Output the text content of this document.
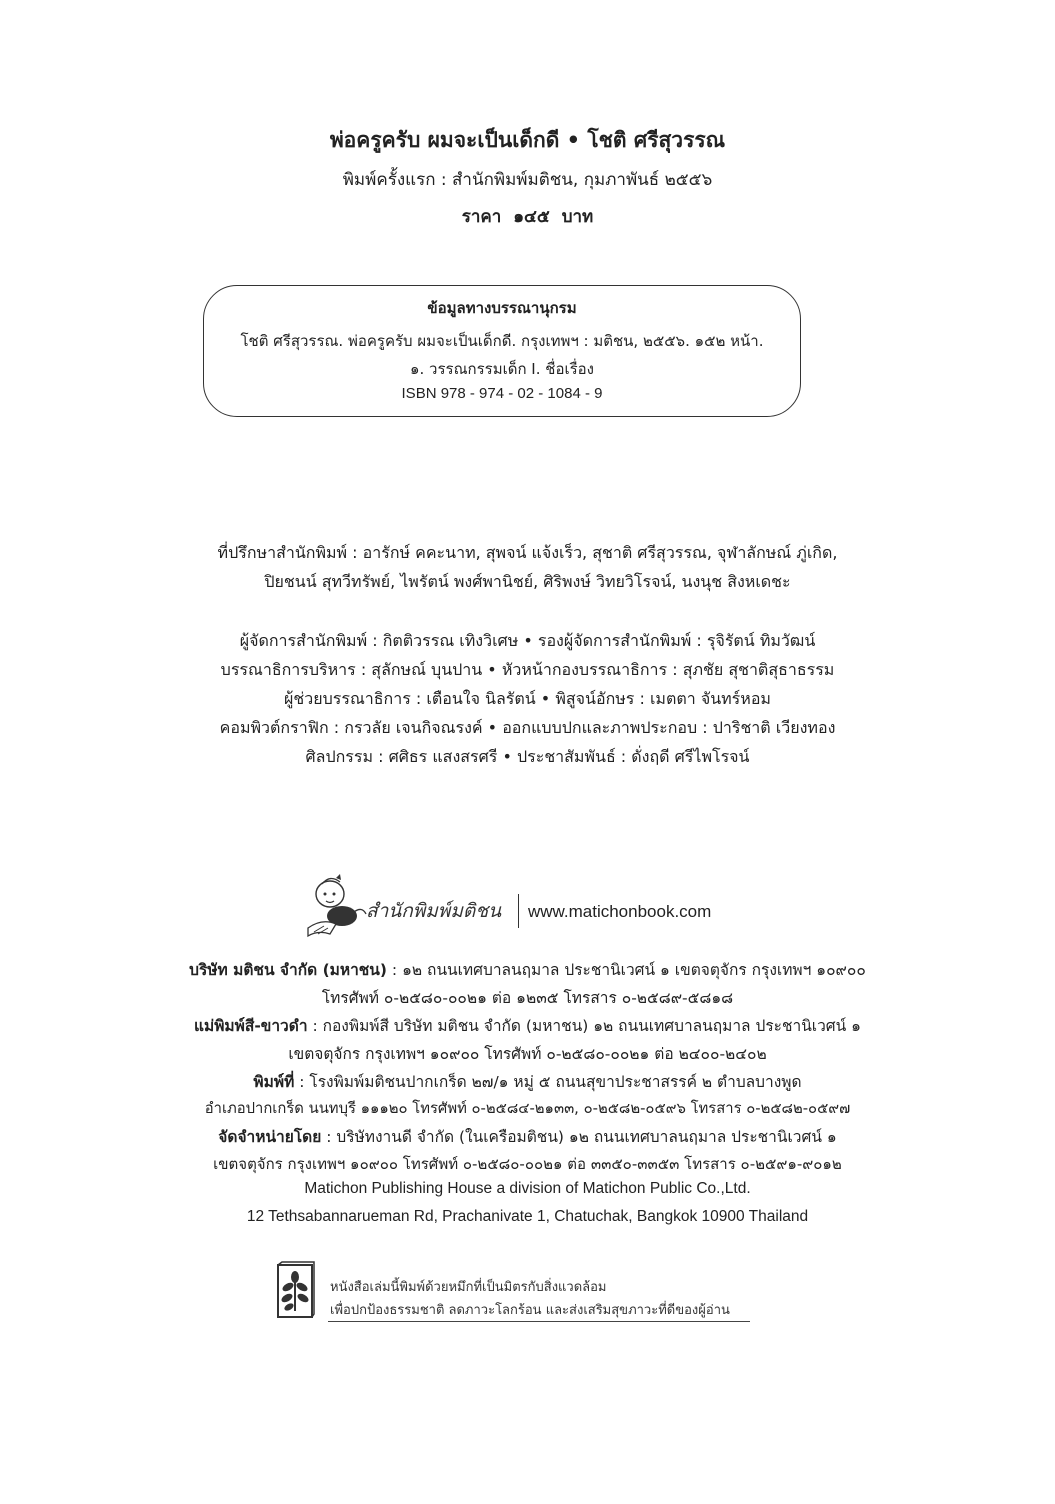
พ่อครูครับ ผมจะเป็นเด็กดี • โชติ ศรีสุวรรณ
พิมพ์ครั้งแรก : สำนักพิมพ์มติชน, กุมภาพันธ์ ๒๕๕๖
ราคา ๑๔๕ บาท
ข้อมูลทางบรรณานุกรม
โชติ ศรีสุวรรณ. พ่อครูครับ ผมจะเป็นเด็กดี. กรุงเทพฯ : มติชน, ๒๕๕๖. ๑๕๒ หน้า.
๑. วรรณกรรมเด็ก I. ชื่อเรื่อง
ISBN 978 - 974 - 02 - 1084 - 9
ที่ปรึกษาสำนักพิมพ์ : อารักษ์ คคะนาท, สุพจน์ แจ้งเร็ว, สุชาติ ศรีสุวรรณ, จุฬาลักษณ์ ภู่เกิด,
ปิยชนน์ สุทวีทรัพย์, ไพรัตน์ พงศ์พานิชย์, ศิริพงษ์ วิทยวิโรจน์, นงนุช สิงหเดชะ
ผู้จัดการสำนักพิมพ์ : กิตติวรรณ เทิงวิเศษ • รองผู้จัดการสำนักพิมพ์ : รุจิรัตน์ ทิมวัฒน์
บรรณาธิการบริหาร : สุลักษณ์ บุนปาน • หัวหน้ากองบรรณาธิการ : สุภชัย สุชาติสุธาธรรม
ผู้ช่วยบรรณาธิการ : เตือนใจ นิลรัตน์ • พิสูจน์อักษร : เมตตา จันทร์หอม
คอมพิวต์กราฟิก : กรวลัย เจนกิจณรงค์ • ออกแบบปกและภาพประกอบ : ปาริชาติ เวียงทอง
ศิลปกรรม : ศศิธร แสงสรศรี • ประชาสัมพันธ์ : ดั่งฤดี ศรีไพโรจน์
สำนักพิมพ์มติชน www.matichonbook.com
บริษัท มติชน จำกัด (มหาชน) : ๑๒ ถนนเทศบาลนฤมาล ประชานิเวศน์ ๑ เขตจตุจักร กรุงเทพฯ ๑๐๙๐๐
โทรศัพท์ ๐-๒๕๘๐-๐๐๒๑ ต่อ ๑๒๓๕ โทรสาร ๐-๒๕๘๙-๕๘๑๘
แม่พิมพ์สี-ขาวดำ : กองพิมพ์สี บริษัท มติชน จำกัด (มหาชน) ๑๒ ถนนเทศบาลนฤมาล ประชานิเวศน์ ๑
เขตจตุจักร กรุงเทพฯ ๑๐๙๐๐ โทรศัพท์ ๐-๒๕๘๐-๐๐๒๑ ต่อ ๒๔๐๐-๒๔๐๒
พิมพ์ที่ : โรงพิมพ์มติชนปากเกร็ด ๒๗/๑ หมู่ ๕ ถนนสุขาประชาสรรค์ ๒ ตำบลบางพูด
อำเภอปากเกร็ด นนทบุรี ๑๑๑๒๐ โทรศัพท์ ๐-๒๕๘๔-๒๑๓๓, ๐-๒๕๘๒-๐๕๙๖ โทรสาร ๐-๒๕๘๒-๐๕๙๗
จัดจำหน่ายโดย : บริษัทงานดี จำกัด (ในเครือมติชน) ๑๒ ถนนเทศบาลนฤมาล ประชานิเวศน์ ๑
เขตจตุจักร กรุงเทพฯ ๑๐๙๐๐ โทรศัพท์ ๐-๒๕๘๐-๐๐๒๑ ต่อ ๓๓๕๐-๓๓๕๓ โทรสาร ๐-๒๕๙๑-๙๐๑๒
Matichon Publishing House a division of Matichon Public Co.,Ltd.
12 Tethsabannarueman Rd, Prachanivate 1, Chatuchak, Bangkok 10900 Thailand
หนังสือเล่มนี้พิมพ์ด้วยหมึกที่เป็นมิตรกับสิ่งแวดล้อม
เพื่อปกป้องธรรมชาติ ลดภาวะโลกร้อน และส่งเสริมสุขภาวะที่ดีของผู้อ่าน
